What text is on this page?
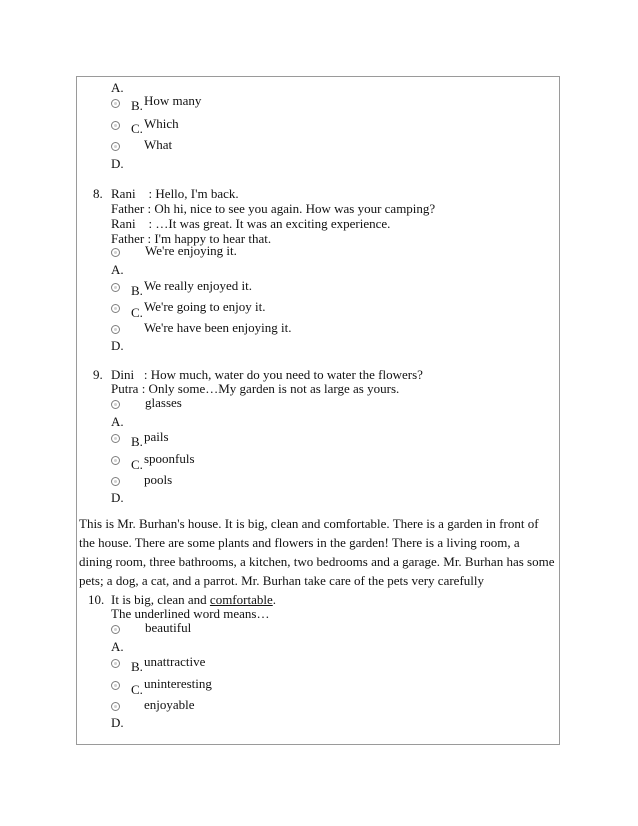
A.
B. How many
C. Which
What
D.
8. Rani    : Hello, I'm back.
Father : Oh hi, nice to see you again. How was your camping?
Rani    : …It was great. It was an exciting experience.
Father : I'm happy to hear that.
We're enjoying it.
A.
B. We really enjoyed it.
C. We're going to enjoy it.
We're have been enjoying it.
D.
9. Dini   : How much, water do you need to water the flowers?
Putra : Only some…My garden is not as large as yours.
glasses
A.
B. pails
C. spoonfuls
pools
D.
This is Mr. Burhan's house. It is big, clean and comfortable. There is a garden in front of the house. There are some plants and flowers in the garden! There is a living room, a dining room, three bathrooms, a kitchen, two bedrooms and a garage. Mr. Burhan has some pets; a dog, a cat, and a parrot. Mr. Burhan take care of the pets very carefully
10. It is big, clean and comfortable.
The underlined word means…
beautiful
A.
B. unattractive
C. uninteresting
enjoyable
D.
